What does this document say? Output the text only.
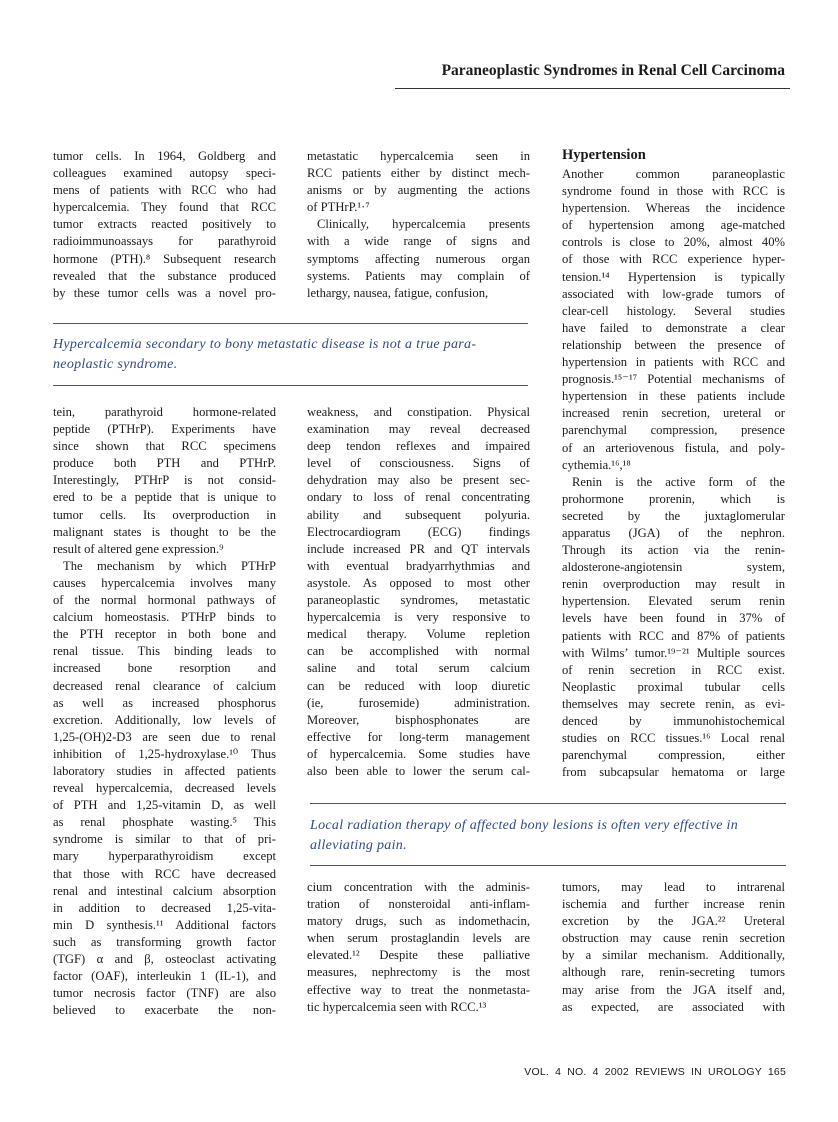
Paraneoplastic Syndromes in Renal Cell Carcinoma
tumor cells. In 1964, Goldberg and
colleagues examined autopsy speci-
mens of patients with RCC who had
hypercalcemia. They found that RCC
tumor extracts reacted positively to
radioimmunoassays for parathyroid
hormone (PTH).⁸ Subsequent research
revealed that the substance produced
by these tumor cells was a novel pro-
metastatic hypercalcemia seen in
RCC patients either by distinct mech-
anisms or by augmenting the actions
of PTHrP.¹·⁷
Clinically, hypercalcemia presents
with a wide range of signs and
symptoms affecting numerous organ
systems. Patients may complain of
lethargy, nausea, fatigue, confusion,
Hypercalcemia secondary to bony metastatic disease is not a true para-
neoplastic syndrome.
tein, parathyroid hormone-related
peptide (PTHrP). Experiments have
since shown that RCC specimens
produce both PTH and PTHrP.
Interestingly, PTHrP is not consid-
ered to be a peptide that is unique to
tumor cells. Its overproduction in
malignant states is thought to be the
result of altered gene expression.⁹
The mechanism by which PTHrP
causes hypercalcemia involves many
of the normal hormonal pathways of
calcium homeostasis. PTHrP binds to
the PTH receptor in both bone and
renal tissue. This binding leads to
increased bone resorption and
decreased renal clearance of calcium
as well as increased phosphorus
excretion. Additionally, low levels of
1,25-(OH)2-D3 are seen due to renal
inhibition of 1,25-hydroxylase.¹⁰ Thus
laboratory studies in affected patients
reveal hypercalcemia, decreased levels
of PTH and 1,25-vitamin D, as well
as renal phosphate wasting.⁵ This
syndrome is similar to that of pri-
mary hyperparathyroidism except
that those with RCC have decreased
renal and intestinal calcium absorption
in addition to decreased 1,25-vita-
min D synthesis.¹¹ Additional factors
such as transforming growth factor
(TGF) α and β, osteoclast activating
factor (OAF), interleukin 1 (IL-1), and
tumor necrosis factor (TNF) are also
believed to exacerbate the non-
weakness, and constipation. Physical
examination may reveal decreased
deep tendon reflexes and impaired
level of consciousness. Signs of
dehydration may also be present sec-
ondary to loss of renal concentrating
ability and subsequent polyuria.
Electrocardiogram (ECG) findings
include increased PR and QT intervals
with eventual bradyarrhythmias and
asystole. As opposed to most other
paraneoplastic syndromes, metastatic
hypercalcemia is very responsive to
medical therapy. Volume repletion
can be accomplished with normal
saline and total serum calcium
can be reduced with loop diuretic
(ie, furosemide) administration.
Moreover, bisphosphonates are
effective for long-term management
of hypercalcemia. Some studies have
also been able to lower the serum cal-
Local radiation therapy of affected bony lesions is often very effective in
alleviating pain.
cium concentration with the adminis-
tration of nonsteroidal anti-inflam-
matory drugs, such as indomethacin,
when serum prostaglandin levels are
elevated.¹² Despite these palliative
measures, nephrectomy is the most
effective way to treat the nonmetasta-
tic hypercalcemia seen with RCC.¹³
Hypertension
Another common paraneoplastic
syndrome found in those with RCC is
hypertension. Whereas the incidence
of hypertension among age-matched
controls is close to 20%, almost 40%
of those with RCC experience hyper-
tension.¹⁴ Hypertension is typically
associated with low-grade tumors of
clear-cell histology. Several studies
have failed to demonstrate a clear
relationship between the presence of
hypertension in patients with RCC and
prognosis.¹⁵⁻¹⁷ Potential mechanisms of
hypertension in these patients include
increased renin secretion, ureteral or
parenchymal compression, presence
of an arteriovenous fistula, and poly-
cythemia.¹⁶,¹⁸
Renin is the active form of the
prohormone prorenin, which is
secreted by the juxtaglomerular
apparatus (JGA) of the nephron.
Through its action via the renin-
aldosterone-angiotensin system,
renin overproduction may result in
hypertension. Elevated serum renin
levels have been found in 37% of
patients with RCC and 87% of patients
with Wilms’ tumor.¹⁹⁻²¹ Multiple sources
of renin secretion in RCC exist.
Neoplastic proximal tubular cells
themselves may secrete renin, as evi-
denced by immunohistochemical
studies on RCC tissues.¹⁶ Local renal
parenchymal compression, either
from subcapsular hematoma or large
tumors, may lead to intrarenal
ischemia and further increase renin
excretion by the JGA.²² Ureteral
obstruction may cause renin secretion
by a similar mechanism. Additionally,
although rare, renin-secreting tumors
may arise from the JGA itself and,
as expected, are associated with
VOL. 4 NO. 4 2002 REVIEWS IN UROLOGY 165
